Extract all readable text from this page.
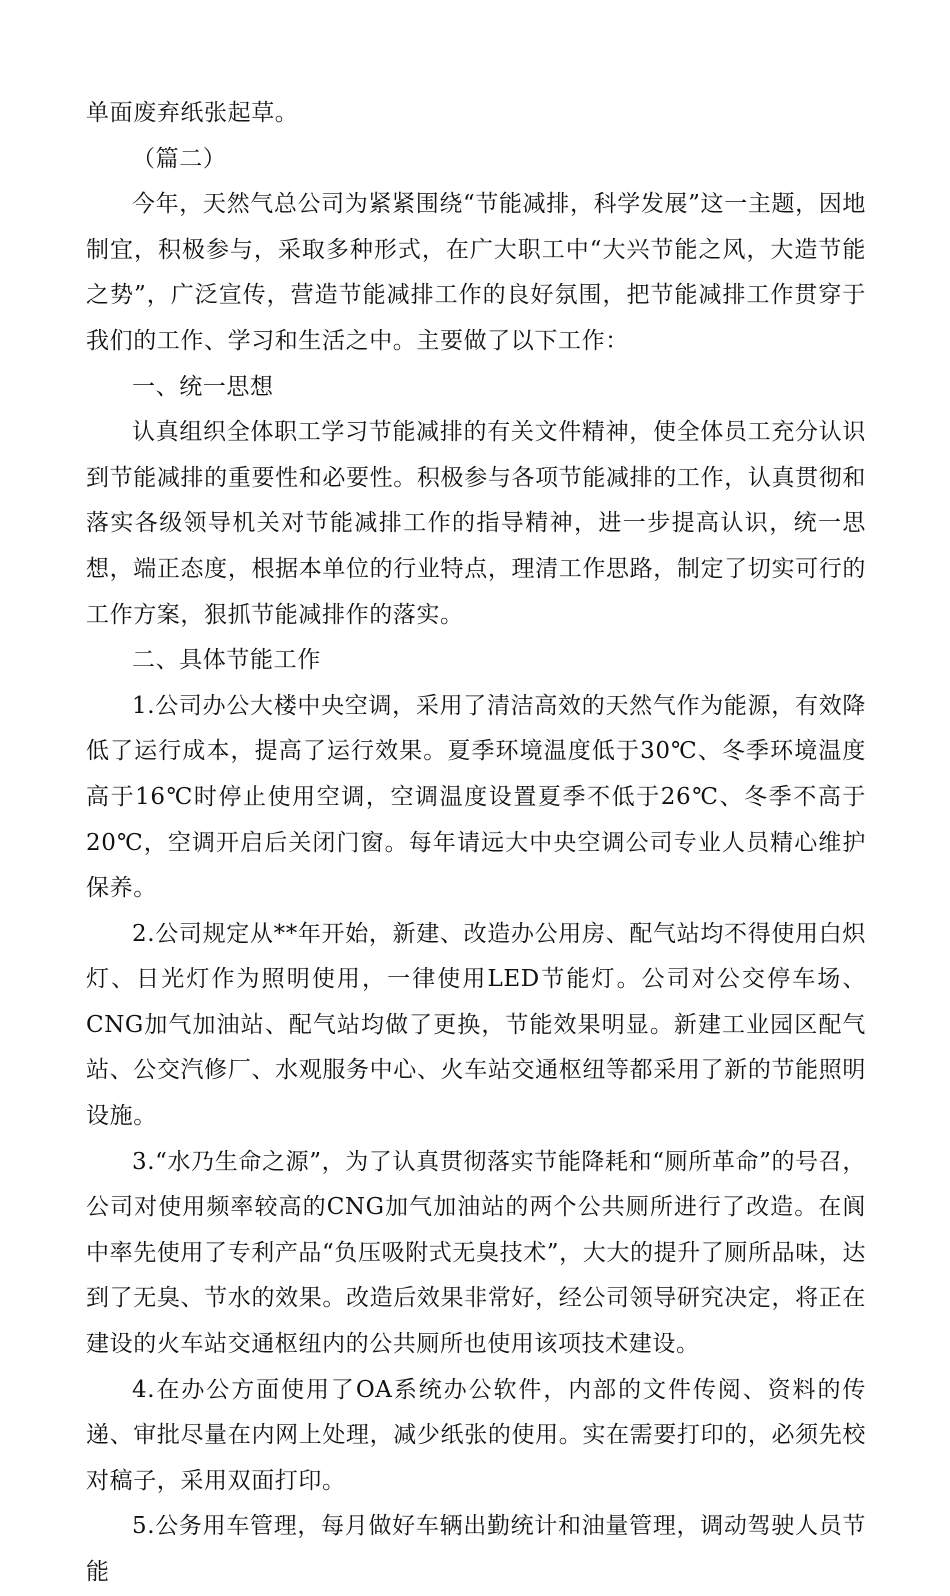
单面废弃纸张起草。

（篇二）

今年，天然气总公司为紧紧围绕“节能减排，科学发展”这一主题，因地制宜，积极参与，采取多种形式，在广大职工中“大兴节能之风，大造节能之势”，广泛宣传，营造节能减排工作的良好氛围，把节能减排工作贯穿于我们的工作、学习和生活之中。主要做了以下工作：

一、统一思想

认真组织全体职工学习节能减排的有关文件精神，使全体员工充分认识到节能减排的重要性和必要性。积极参与各项节能减排的工作，认真贯彻和落实各级领导机关对节能减排工作的指导精神，进一步提高认识，统一思想，端正态度，根据本单位的行业特点，理清工作思路，制定了切实可行的工作方案，狠抓节能减排作的落实。

二、具体节能工作

1.公司办公大楼中央空调，采用了清洁高效的天然气作为能源，有效降低了运行成本，提高了运行效果。夏季环境温度低于30℃、冬季环境温度高于16℃时停止使用空调，空调温度设置夏季不低于26℃、冬季不高于20℃，空调开启后关闭门窗。每年请远大中央空调公司专业人员精心维护保养。

2.公司规定从**年开始，新建、改造办公用房、配气站均不得使用白炽灯、日光灯作为照明使用，一律使用LED节能灯。公司对公交停车场、CNG加气加油站、配气站均做了更换，节能效果明显。新建工业园区配气站、公交汽修厂、水观服务中心、火车站交通枢纽等都采用了新的节能照明设施。

3.“水乃生命之源”，为了认真贯彻落实节能降耗和“厕所革命”的号召，公司对使用频率较高的CNG加气加油站的两个公共厕所进行了改造。在阆中率先使用了专利产品“负压吸附式无臭技术”，大大的提升了厕所品味，达到了无臭、节水的效果。改造后效果非常好，经公司领导研究决定，将正在建设的火车站交通枢纽内的公共厕所也使用该项技术建设。

4.在办公方面使用了OA系统办公软件，内部的文件传阅、资料的传递、审批尽量在内网上处理，减少纸张的使用。实在需要打印的，必须先校对稿子，采用双面打印。

5.公务用车管理，每月做好车辆出勤统计和油量管理，调动驾驶人员节能
